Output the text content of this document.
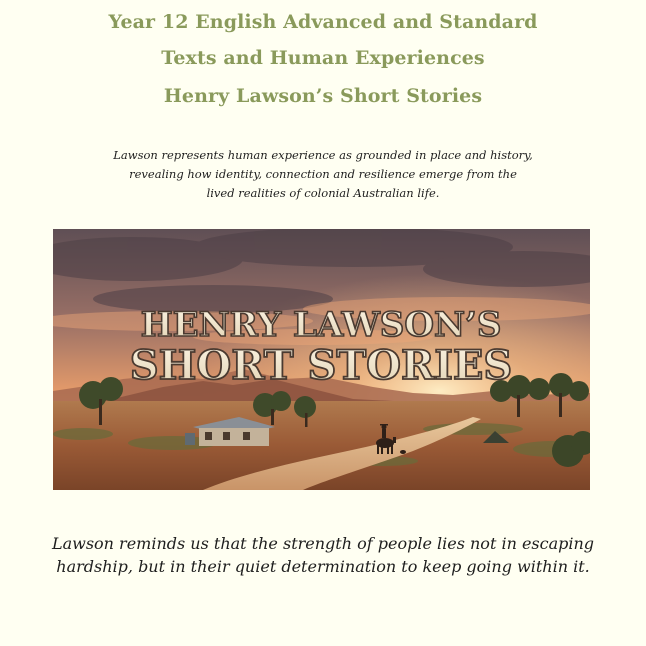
Year 12 English Advanced and Standard
Texts and Human Experiences
Henry Lawson’s Short Stories

Lawson represents human experience as grounded in place and history,
revealing how identity, connection and resilience emerge from the
lived realities of colonial Australian life.

HENRY LAWSON’S
SHORT STORIES

Lawson reminds us that the strength of people lies not in escaping
hardship, but in their quiet determination to keep going within it.
